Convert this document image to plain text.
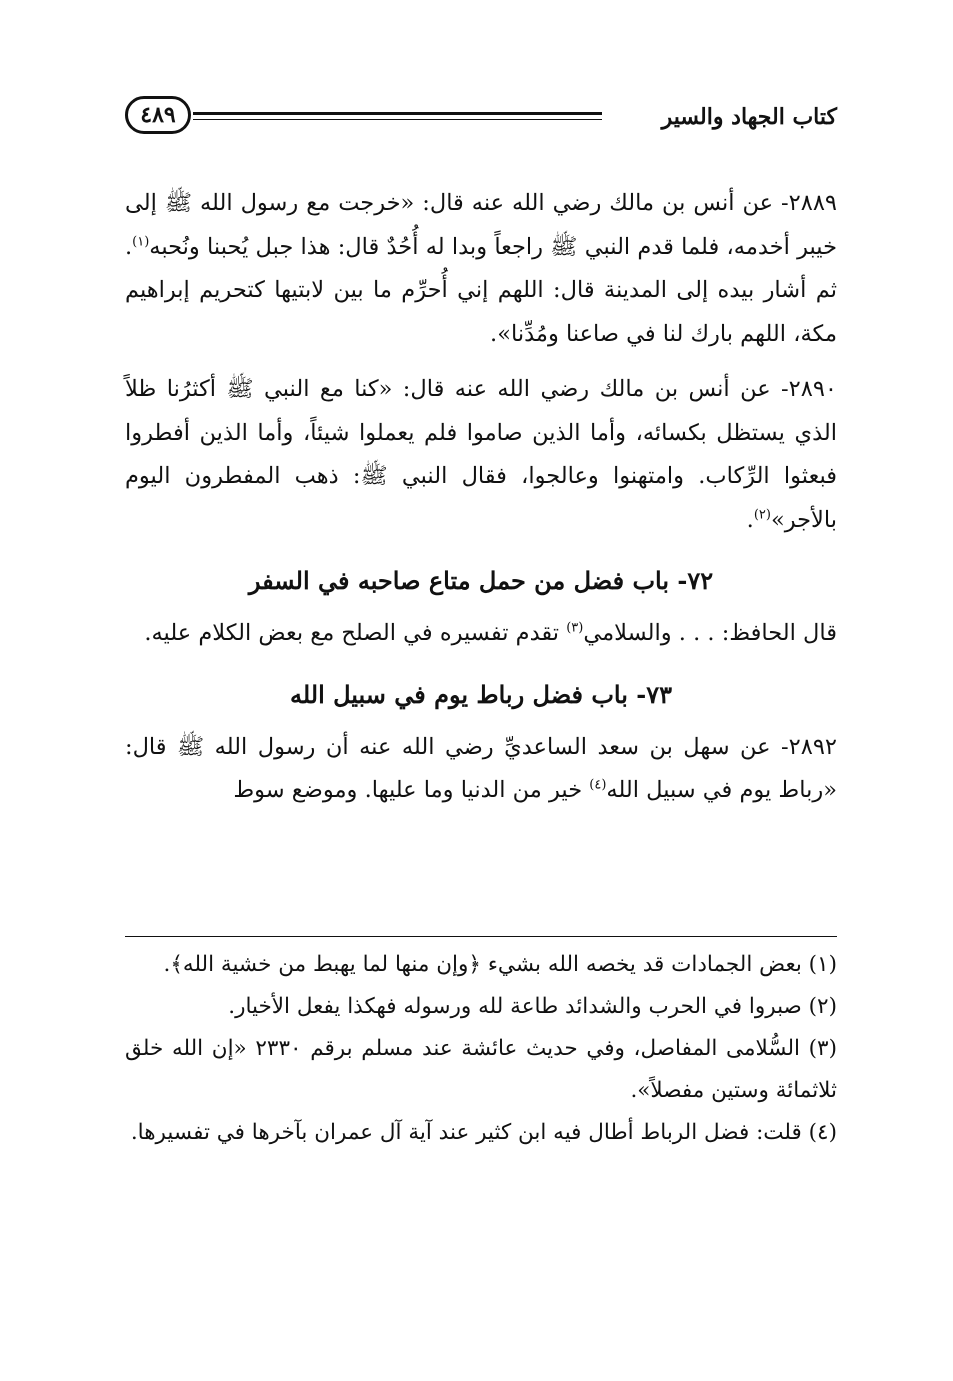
كتاب الجهاد والسير
٤٨٩

٢٨٨٩- عن أنس بن مالك رضي الله عنه قال: «خرجت مع رسول الله ﷺ إلى خيبر أخدمه، فلما قدم النبي ﷺ راجعاً وبدا له أُحُدٌ قال: هذا جبل يُحبنا ونُحبه$^{(١)}$. ثم أشار بيده إلى المدينة قال: اللهم إني أُحرِّم ما بين لابتيها كتحريم إبراهيم مكة، اللهم بارك لنا في صاعنا ومُدِّنا».

٢٨٩٠- عن أنس بن مالك رضي الله عنه قال: «كنا مع النبي ﷺ أكثرُنا ظلاً الذي يستظل بكسائه، وأما الذين صاموا فلم يعملوا شيئاً، وأما الذين أفطروا فبعثوا الرِّكاب. وامتهنوا وعالجوا، فقال النبي ﷺ: ذهب المفطرون اليوم بالأجر»$^{(٢)}$.

٧٢- باب فضل من حمل متاع صاحبه في السفر

قال الحافظ: . . . والسلامي$^{(٣)}$ تقدم تفسيره في الصلح مع بعض الكلام عليه.

٧٣- باب فضل رباط يوم في سبيل الله

٢٨٩٢- عن سهل بن سعد الساعديِّ رضي الله عنه أن رسول الله ﷺ قال: «رباط يوم في سبيل الله$^{(٤)}$ خير من الدنيا وما عليها. وموضع سوط

(١) بعض الجمادات قد يخصه الله بشيء ﴿وإن منها لما يهبط من خشية الله﴾.

(٢) صبروا في الحرب والشدائد طاعة لله ورسوله فهكذا يفعل الأخيار.

(٣) السُّلامى المفاصل، وفي حديث عائشة عند مسلم برقم ٢٣٣٠ «إن الله خلق ثلاثمائة وستين مفصلاً».

(٤) قلت: فضل الرباط أطال فيه ابن كثير عند آية آل عمران بآخرها في تفسيرها.
